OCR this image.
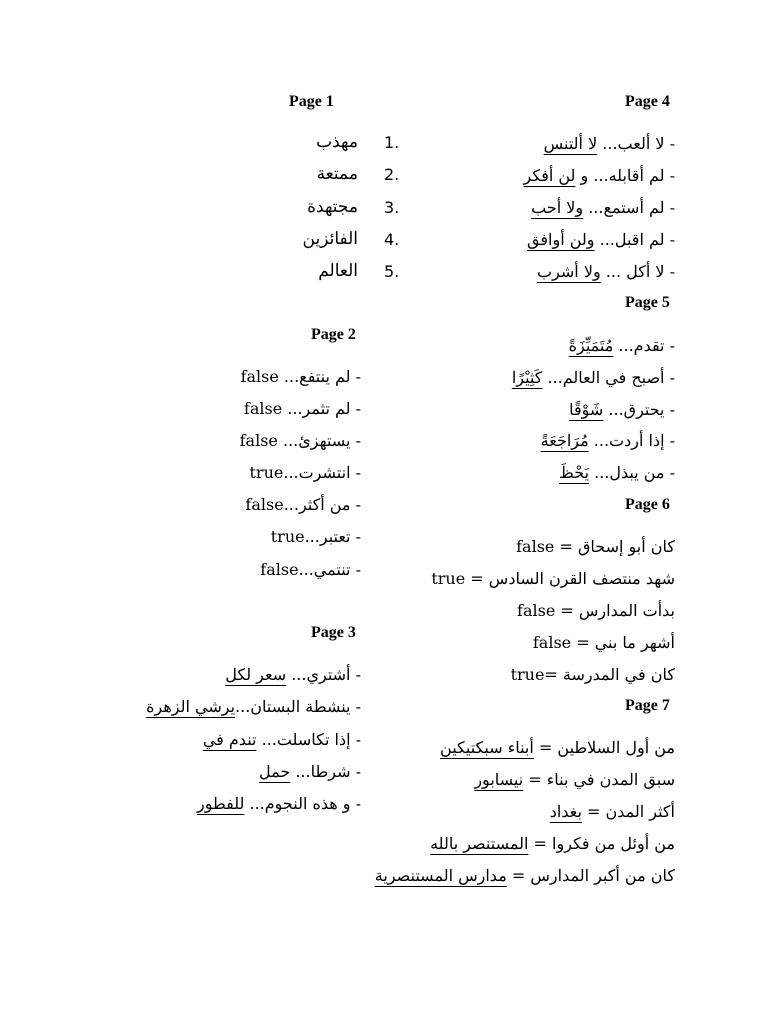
Page 1
1.
مهذب
2.
ممتعة
3.
مجتهدة
4.
الفائزين
5.
العالم
Page 2
- لم ينتفع... false
- لم تثمر... false
- يستهزئ... false
- انتشرت...true
- من أكثر...false
- تعتبر...true
- تنتمي...false
Page 3
- أشتري... سعر لكل
- ينشطة البستان...يرشي الزهرة
- إذا تكاسلت... تندم في
- شرطا... حمل
- و هذه النجوم... للفطور
Page 4
- لا ألعب... لا ألتنس
- لم أقابله... و لن أفكر
- لم أستمع... ولا أحب
- لم اقبل... ولن أوافق
- لا أكل ... ولا أشرب
Page 5
- تقدم... مُتَمَيِّزَةً
- أصبح في العالم... كَثِيْرًا
- يحترق... شَوْقًا
- إذا أردت... مُرَاجَعَةً
- من يبذل... يَحْظَ
Page 6
كان أبو إسحاق = false
شهد منتصف القرن السادس = true
بدأت المدارس = false
أشهر ما بني = false
كان في المدرسة =true
Page 7
من أول السلاطين = أبناء سبكتيكين
سبق المدن في بناء = نيسابور
أكثر المدن = بغداد
من أوئل من فكروا = المستنصر بالله
كان من أكبر المدارس = مدارس المستنصرية
